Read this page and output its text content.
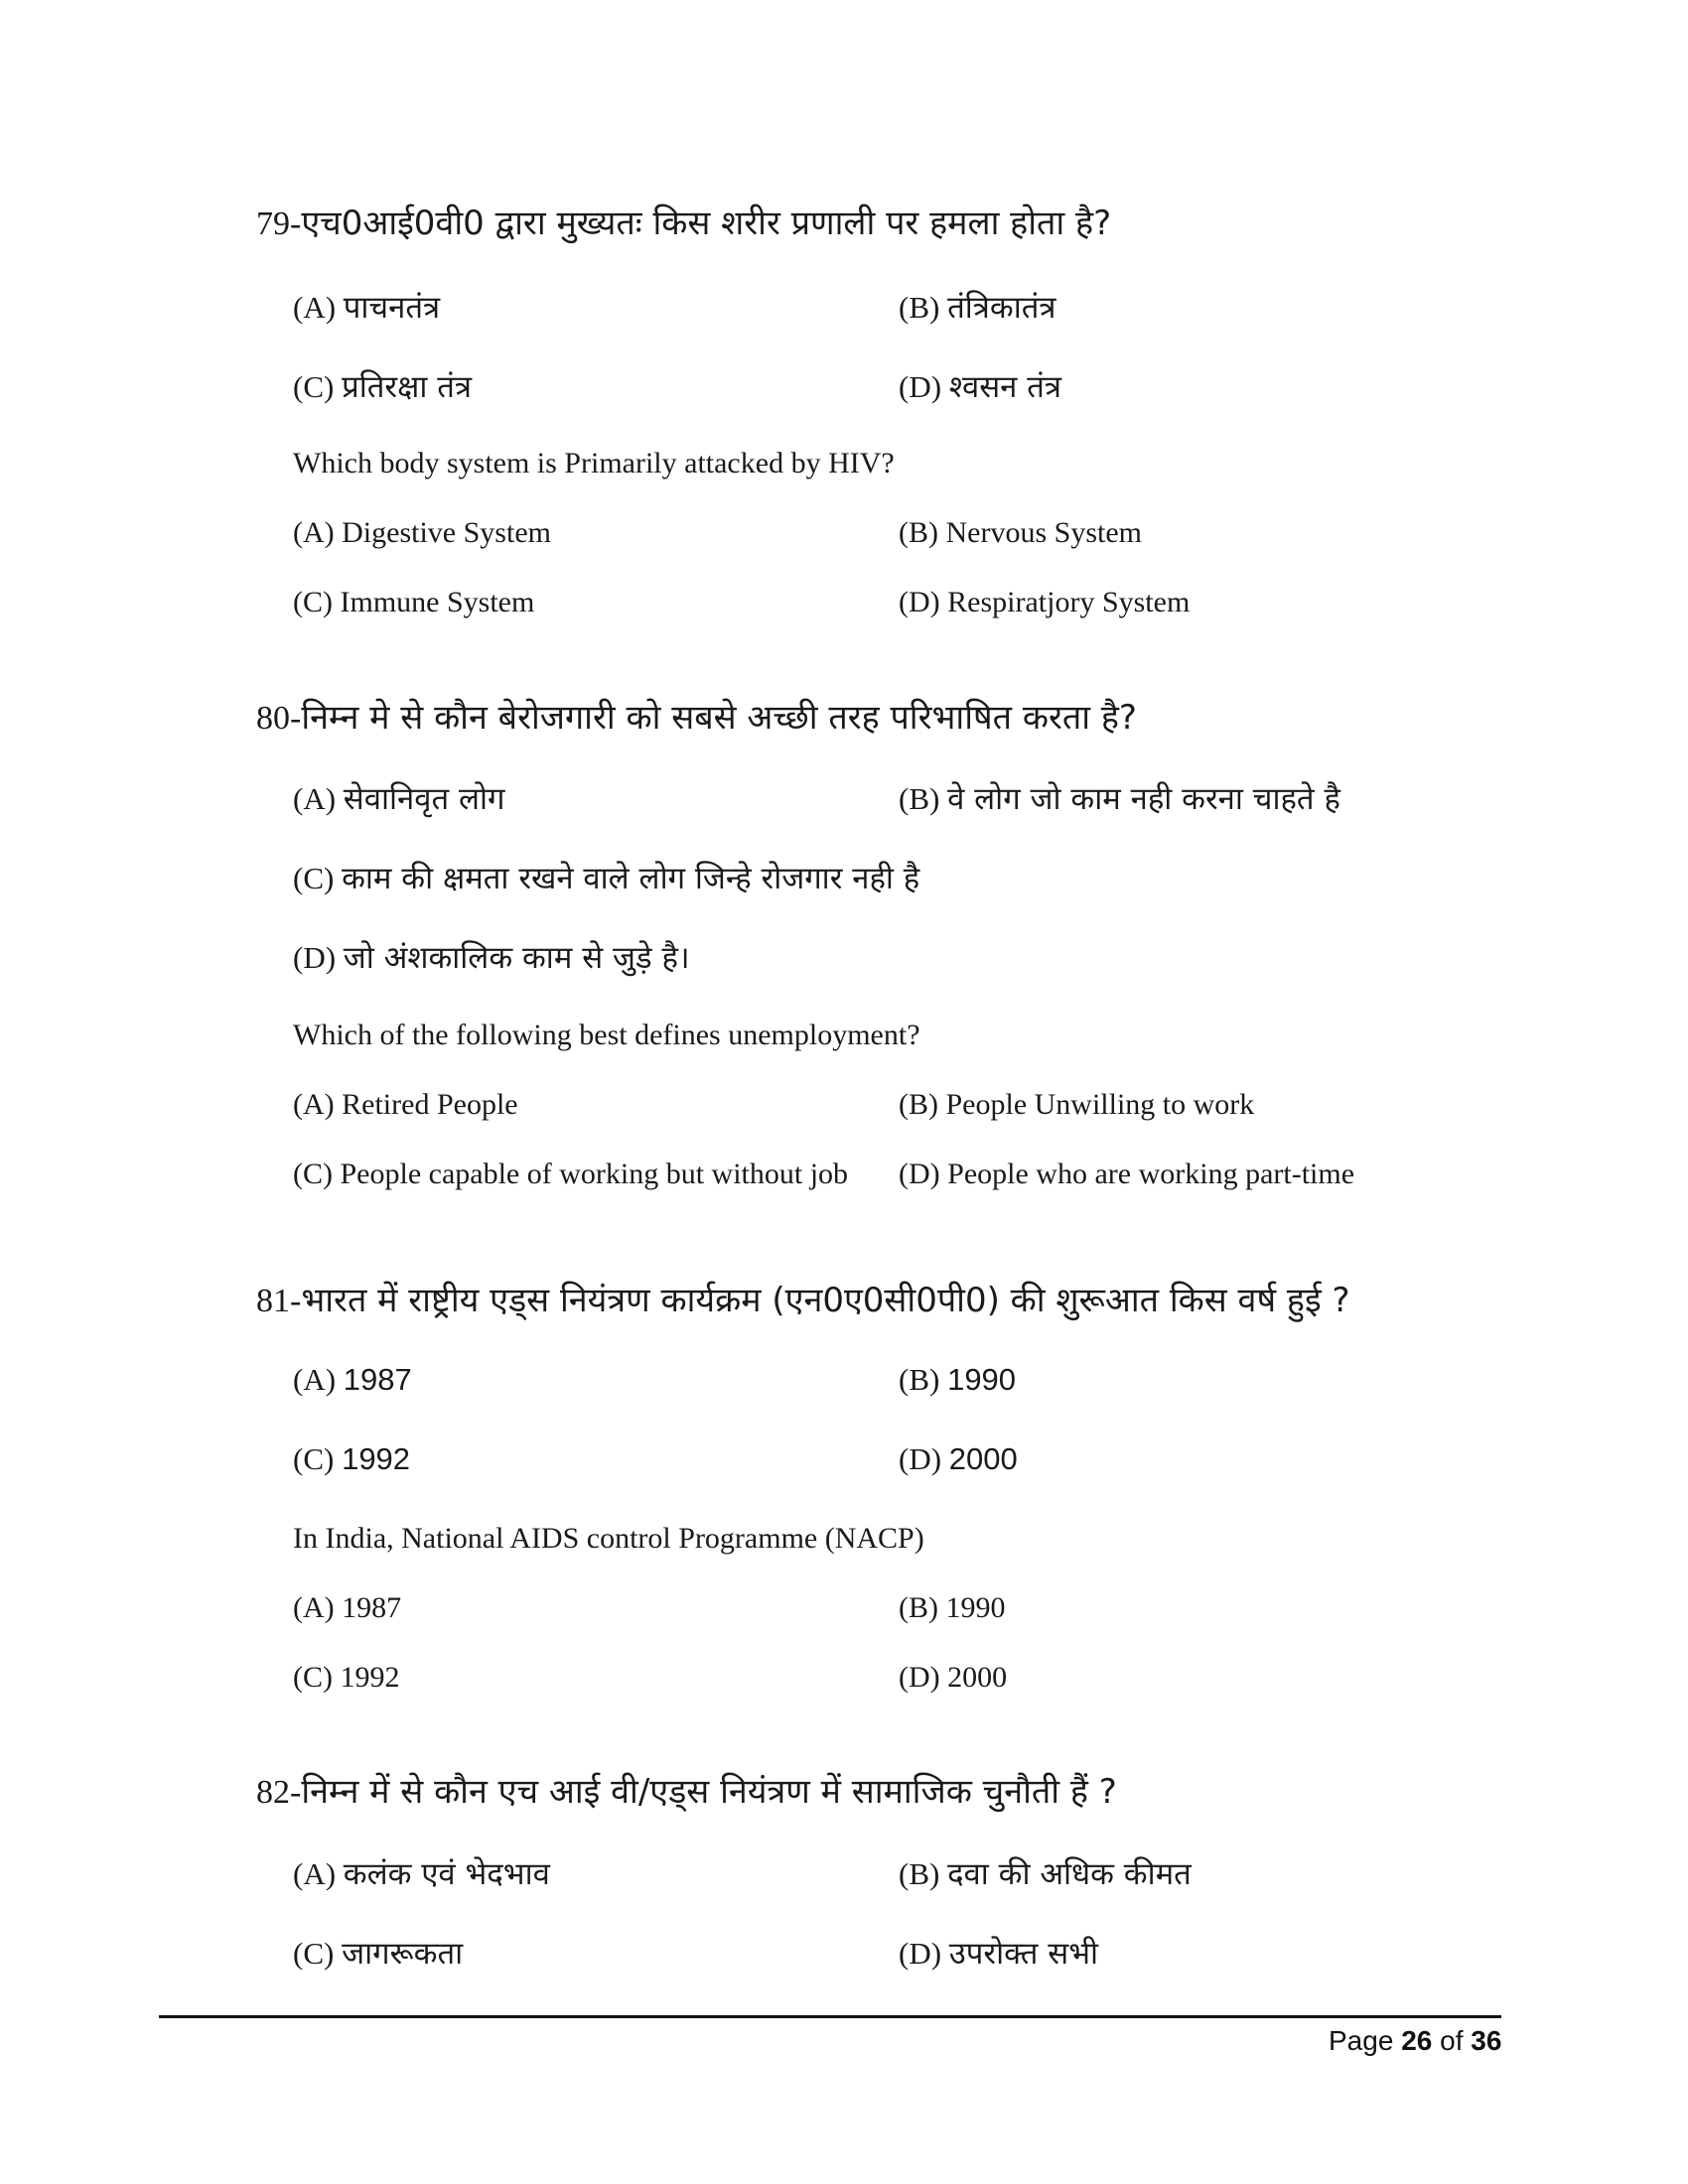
79-एच0आई0वी0 द्वारा मुख्यतः किस शरीर प्रणाली पर हमला होता है?
(A) पाचनतंत्र	(B) तंत्रिकातंत्र
(C) प्रतिरक्षा तंत्र	(D) श्वसन तंत्र
Which body system is Primarily attacked by HIV?
(A) Digestive System	(B) Nervous System
(C) Immune System	(D) Respiratjory System
80-निम्न मे से कौन बेरोजगारी को सबसे अच्छी तरह परिभाषित करता है?
(A) सेवानिवृत लोग	(B) वे लोग जो काम नही करना चाहते है
(C) काम की क्षमता रखने वाले लोग जिन्हे रोजगार नही है
(D) जो अंशकालिक काम से जुड़े है।
Which of the following best defines unemployment?
(A) Retired People	(B) People Unwilling to work
(C) People capable of working but without job (D) People who are working part-time
81-भारत में राष्ट्रीय एड्स नियंत्रण कार्यक्रम (एन0ए0सी0पी0) की शुरूआत किस वर्ष हुई ?
(A) 1987	(B) 1990
(C) 1992	(D) 2000
In India, National AIDS control Programme (NACP)
(A) 1987	(B) 1990
(C) 1992	(D) 2000
82-निम्न में से कौन एच आई वी/एड्स नियंत्रण में सामाजिक चुनौती हैं ?
(A) कलंक एवं भेदभाव	(B) दवा की अधिक कीमत
(C) जागरूकता	(D) उपरोक्त सभी
Page 26 of 36
